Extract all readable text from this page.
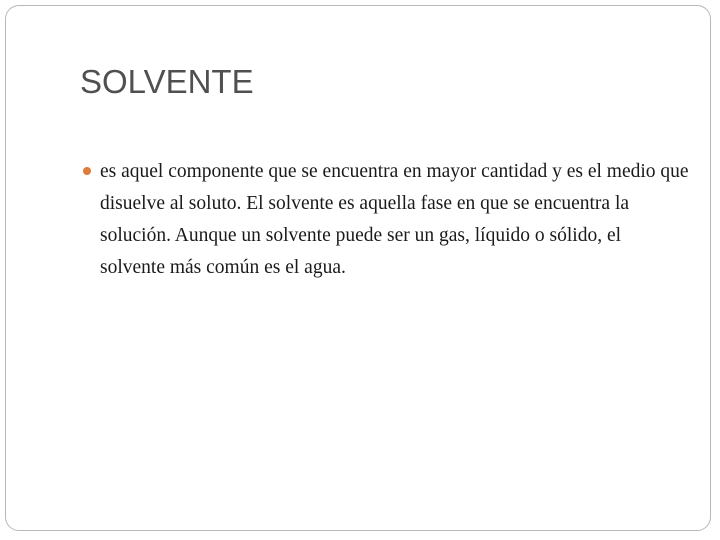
SOLVENTE
es aquel componente que se encuentra en mayor cantidad y es el medio que disuelve al soluto. El solvente es aquella fase en que se encuentra la solución. Aunque un solvente puede ser un gas, líquido o sólido, el solvente más común es el agua.
